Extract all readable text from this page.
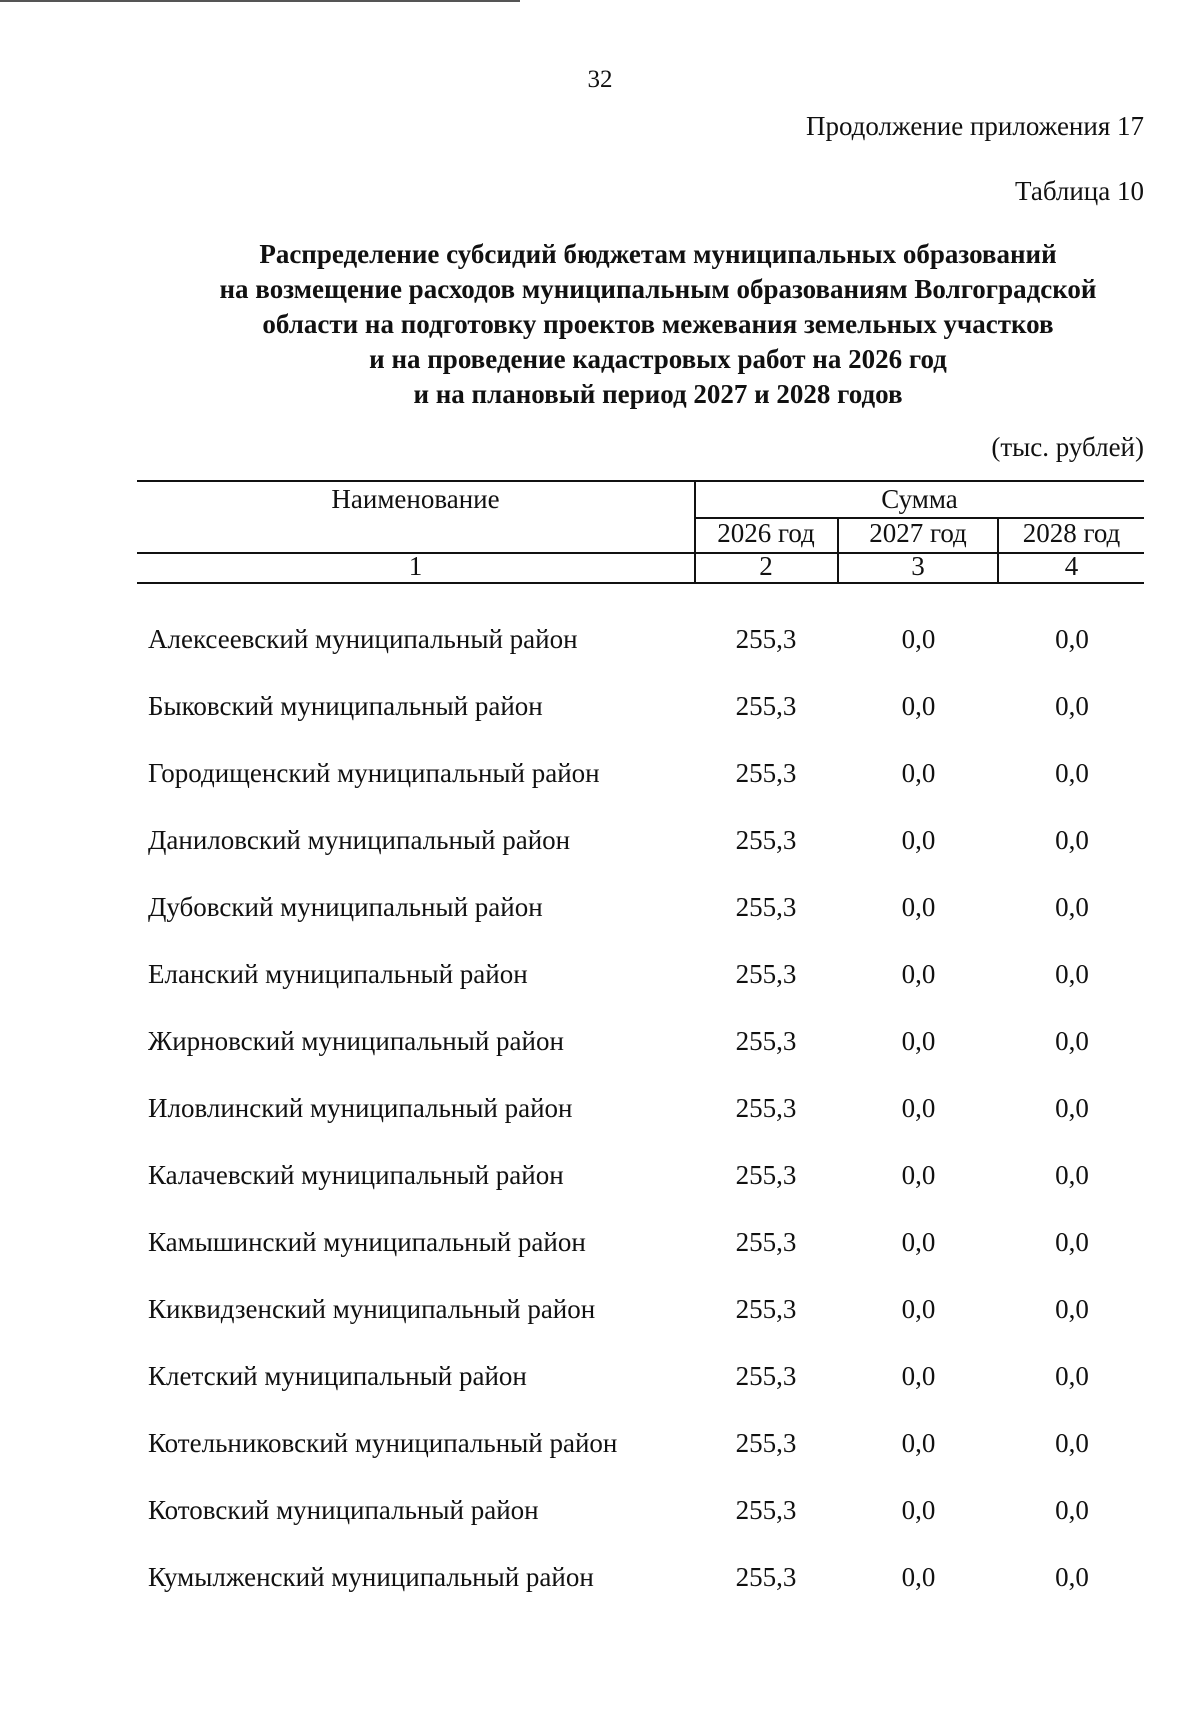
32
Продолжение приложения 17
Таблица 10
Распределение субсидий бюджетам муниципальных образований
на возмещение расходов муниципальным образованиям Волгоградской
области на подготовку проектов межевания земельных участков
и на проведение кадастровых работ на 2026 год
и на плановый период 2027 и 2028 годов
(тыс. рублей)
Наименование	Сумма
2026 год	2027 год	2028 год
1	2	3	4
Алексеевский муниципальный район	255,3	0,0	0,0
Быковский муниципальный район	255,3	0,0	0,0
Городищенский муниципальный район	255,3	0,0	0,0
Даниловский муниципальный район	255,3	0,0	0,0
Дубовский муниципальный район	255,3	0,0	0,0
Еланский муниципальный район	255,3	0,0	0,0
Жирновский муниципальный район	255,3	0,0	0,0
Иловлинский муниципальный район	255,3	0,0	0,0
Калачевский муниципальный район	255,3	0,0	0,0
Камышинский муниципальный район	255,3	0,0	0,0
Киквидзенский муниципальный район	255,3	0,0	0,0
Клетский муниципальный район	255,3	0,0	0,0
Котельниковский муниципальный район	255,3	0,0	0,0
Котовский муниципальный район	255,3	0,0	0,0
Кумылженский муниципальный район	255,3	0,0	0,0
